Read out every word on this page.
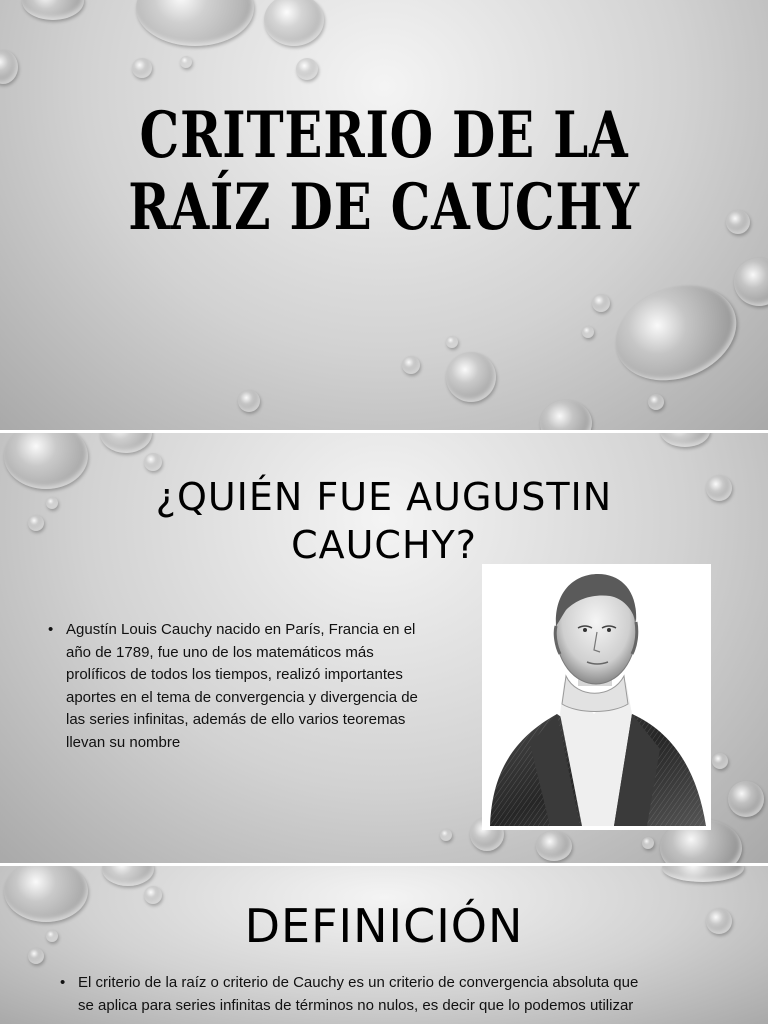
CRITERIO DE LA
RAÍZ DE CAUCHY
¿QUIÉN FUE AUGUSTIN
CAUCHY?
• Agustín Louis Cauchy nacido en París, Francia en el
año de 1789, fue uno de los matemáticos más
prolíficos de todos los tiempos, realizó importantes
aportes en el tema de convergencia y divergencia de
las series infinitas, además de ello varios teoremas
llevan su nombre
DEFINICIÓN
• El criterio de la raíz o criterio de Cauchy es un criterio de convergencia absoluta que
se aplica para series infinitas de términos no nulos, es decir que lo podemos utilizar
